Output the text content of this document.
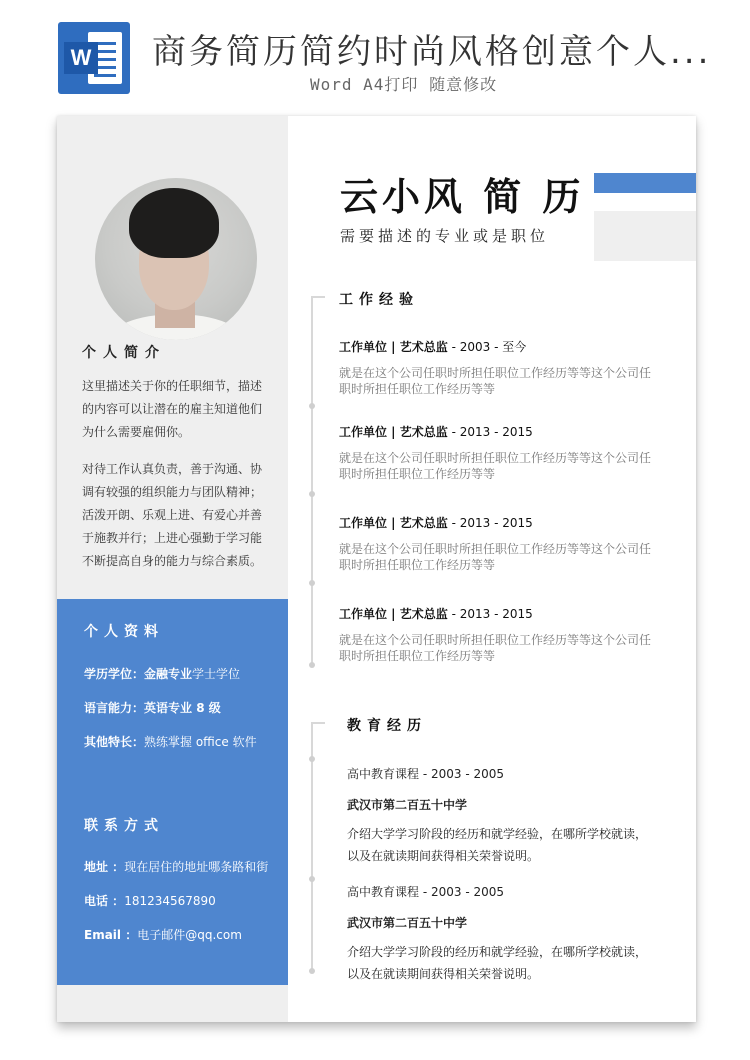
W 商务简历简约时尚风格创意个人...
Word A4打印 随意修改
个人简介
这里描述关于你的任职细节，描述的内容可以让潜在的雇主知道他们为什么需要雇佣你。
对待工作认真负责，善于沟通、协调有较强的组织能力与团队精神；活泼开朗、乐观上进、有爱心并善于施教并行；上进心强勤于学习能不断提高自身的能力与综合素质。
个人资料
学历学位：金融专业学士学位
语言能力：英语专业 8 级
其他特长：熟练掌握 office 软件
联系方式
地址 ：现在居住的地址哪条路和街
电话 ：181234567890
Email ：电子邮件@qq.com
云小风 简 历
需要描述的专业或是职位
工作经验
工作单位 | 艺术总监 - 2003 - 至今
就是在这个公司任职时所担任职位工作经历等等这个公司任职时所担任职位工作经历等等
工作单位 | 艺术总监 - 2013 - 2015
就是在这个公司任职时所担任职位工作经历等等这个公司任职时所担任职位工作经历等等
工作单位 | 艺术总监 - 2013 - 2015
就是在这个公司任职时所担任职位工作经历等等这个公司任职时所担任职位工作经历等等
工作单位 | 艺术总监 - 2013 - 2015
就是在这个公司任职时所担任职位工作经历等等这个公司任职时所担任职位工作经历等等
教育经历
高中教育课程 - 2003 - 2005
武汉市第二百五十中学
介绍大学学习阶段的经历和就学经验，在哪所学校就读，以及在就读期间获得相关荣誉说明。
高中教育课程 - 2003 - 2005
武汉市第二百五十中学
介绍大学学习阶段的经历和就学经验，在哪所学校就读，以及在就读期间获得相关荣誉说明。
